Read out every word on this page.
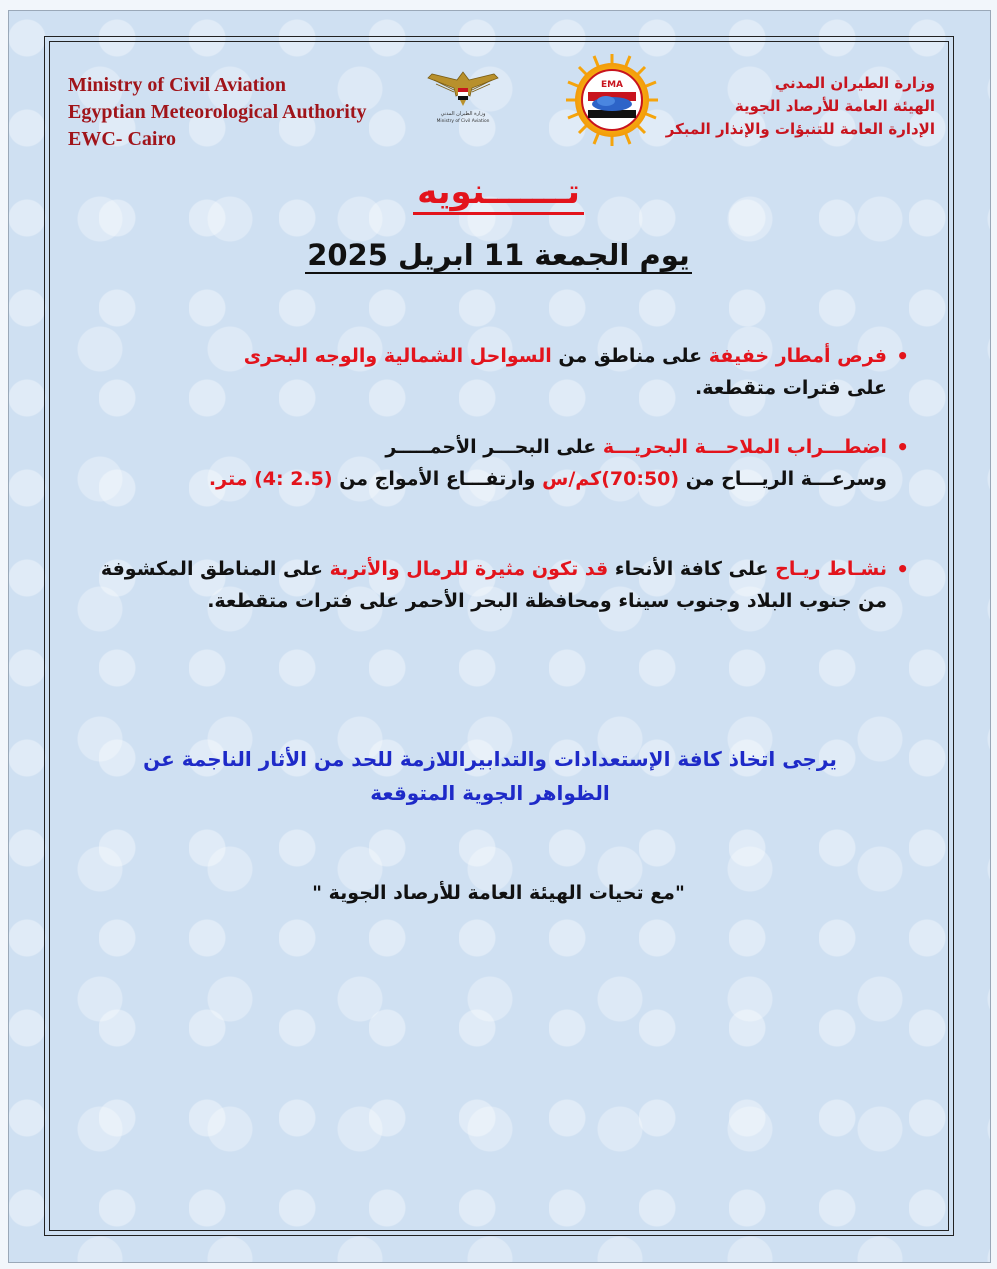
Ministry of Civil Aviation
Egyptian Meteorological Authority
EWC- Cairo
وزارة الطيران المدني
Ministry of Civil Aviation
EMA	وزارة الطيران المدني
الهيئة العامة للأرصاد الجوية
الإدارة العامة للتنبؤات والإنذار المبكر
تـــــــنويه
يوم الجمعة 11 ابريل 2025
•
فرص أمطار خفيفة على مناطق من السواحل الشمالية والوجه البحرى
على فترات متقطعة.
•
اضطـــراب الملاحـــة البحريـــة على البحـــر الأحمـــــر
وسرعـــة الريـــاح من (70:50)كم/س وارتفـــاع الأمواج من (2.5 :4) متر.
•
نشـاط ريـاح على كافة الأنحاء قد تكون مثيرة للرمال والأتربة على المناطق المكشوفة
من جنوب البلاد وجنوب سيناء ومحافظة البحر الأحمر على فترات متقطعة.
يرجى اتخاذ كافة الإستعدادات والتدابيراللازمة للحد من الأثار الناجمة عن
الظواهر الجوية المتوقعة
"مع تحيات الهيئة العامة للأرصاد الجوية "
